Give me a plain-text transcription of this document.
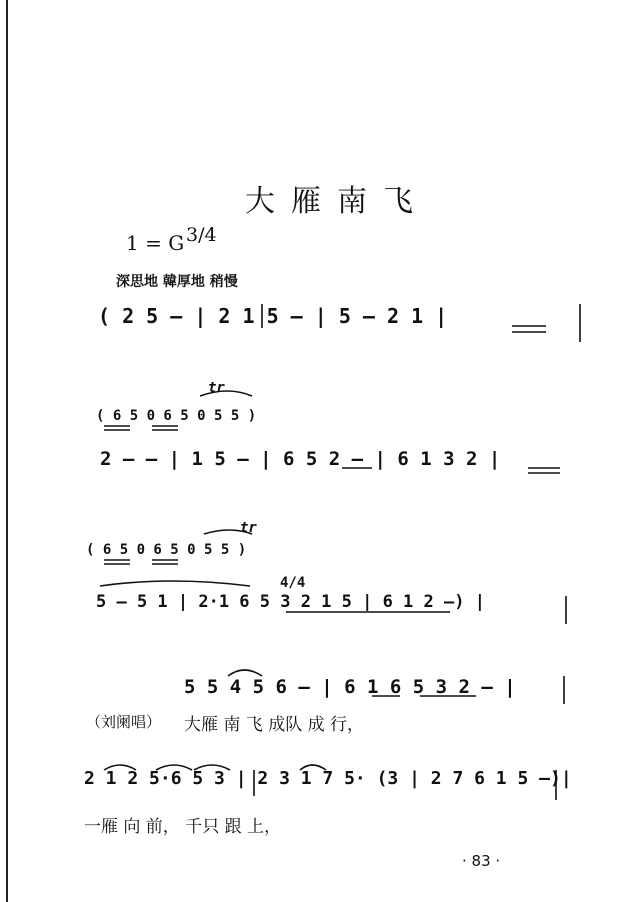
大雁南飞
1 = G 3/4
深思地 韓厚地 稍慢
( 2 5 — | 2 1 5 — | 5 — 2 1 |
tr
( 6 5 0 6 5 0 5 5 )
2 — — | 1 5 — | 6 5 2 — | 6 1 3 2 |
tr
( 6 5 0 6 5 0 5 5 )
4/4
5 — 5 1 | 2·1 6 5 3 2 1 5 | 6 1 2 —) |
5 5 4 5 6 — | 6 1 6 5 3 2 — |
（刘阑唱） 大雁 南 飞 成队 成 行，
2 1 2 5·6 5 3 | 2 3 1 7 5· (3 | 2 7 6 1 5 —)|
一雁 向 前， 千只 跟 上，
· 83 ·
